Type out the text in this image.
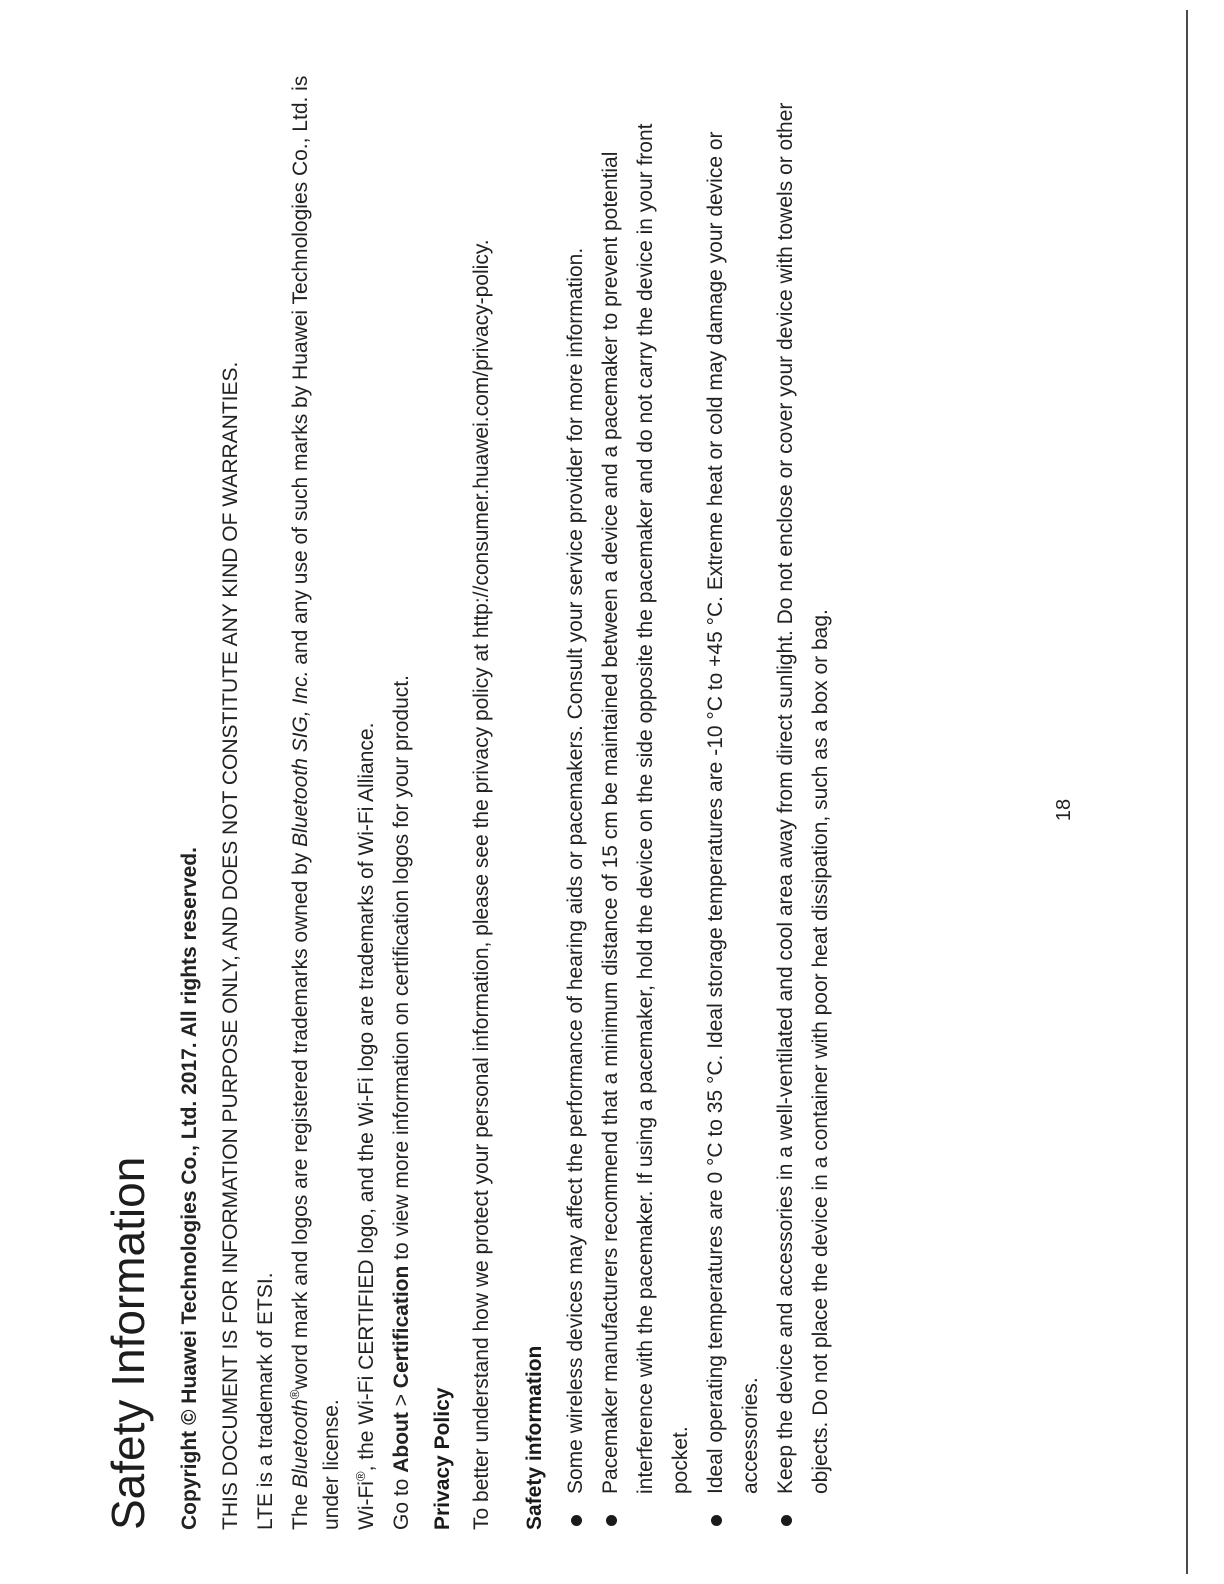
Safety Information Copyright © Huawei Technologies Co., Ltd. 2017. All rights reserved. THIS DOCUMENT IS FOR INFORMATION PURPOSE ONLY, AND DOES NOT CONSTITUTE ANY KIND OF WARRANTIES. LTE is a trademark of ETSI. The Bluetooth®word mark and logos are registered trademarks owned by Bluetooth SIG, Inc. and any use of such marks by Huawei Technologies Co., Ltd. is under license. Wi-Fi®, the Wi-Fi CERTIFIED logo, and the Wi-Fi logo are trademarks of Wi-Fi Alliance.

Go to About > Certification to view more information on certification logos for your product.

Privacy Policy To better understand how we protect your personal information, please see the privacy policy at http://consumer.huawei.com/privacy-policy. Safety information Some wireless devices may affect the performance of hearing aids or pacemakers. Consult your service provider for more information. Pacemaker manufacturers recommend that a minimum distance of 15 cm be maintained between a device and a pacemaker to prevent potential interference with the pacemaker. If using a pacemaker, hold the device on the side opposite the pacemaker and do not carry the device in your front pocket. Ideal operating temperatures are 0 °C to 35 °C. Ideal storage temperatures are -10 °C to +45 °C. Extreme heat or cold may damage your device or accessories. Keep the device and accessories in a well-ventilated and cool area away from direct sunlight. Do not enclose or cover your device with towels or other objects. Do not place the device in a container with poor heat dissipation, such as a box or bag.	18
